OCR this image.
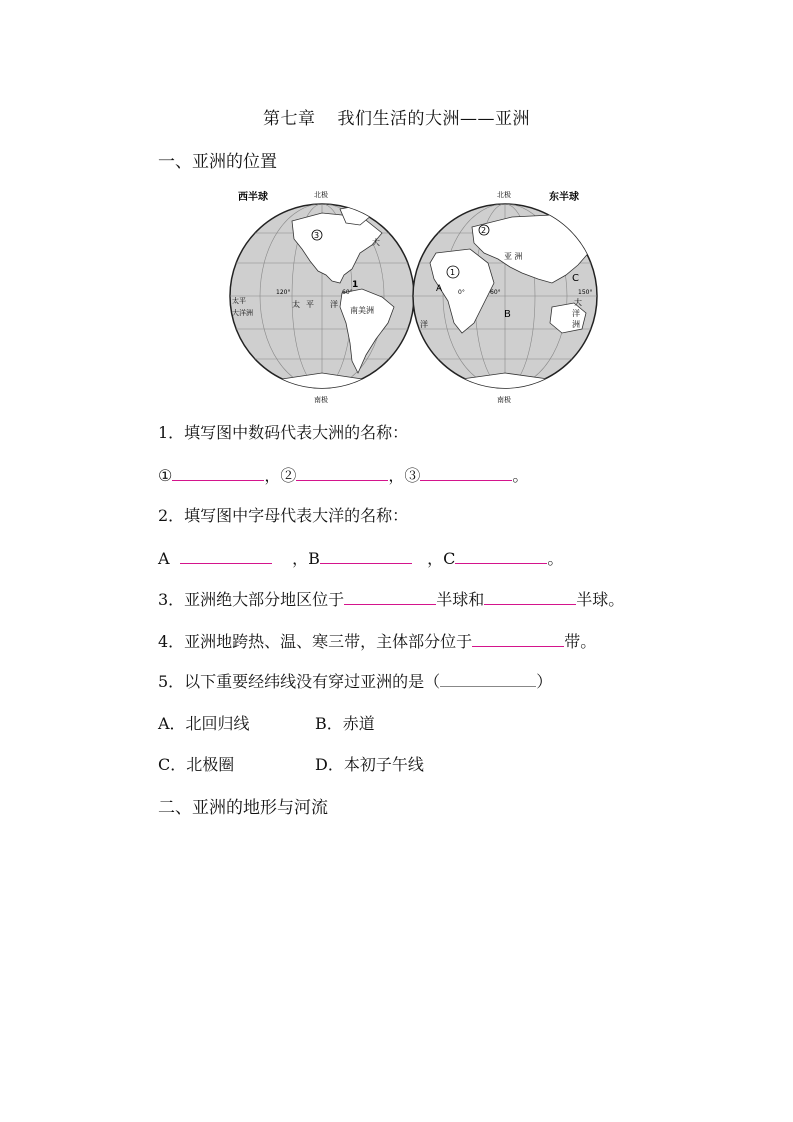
第七章 我们生活的大洲——亚洲
一、亚洲的位置
西半球	北极
南极
3
1
南美洲
太 平 洋
太平
大洋洲
大
120°	60°
东半球
北极
南极
2
1
亚 洲
B
C
洋
大
洋
洲
0°	60°	150°
A
1．填写图中数码代表大洲的名称：
①	，②	，③	。
2．填写图中字母代表大洋的名称：
A	，B	，C	。
3．亚洲绝大部分地区位于	半球和	半球。
4．亚洲地跨热、温、寒三带，主体部分位于	带。
5．以下重要经纬线没有穿过亚洲的是（	）
A．北回归线	B．赤道
C．北极圈	D．本初子午线
二、亚洲的地形与河流
